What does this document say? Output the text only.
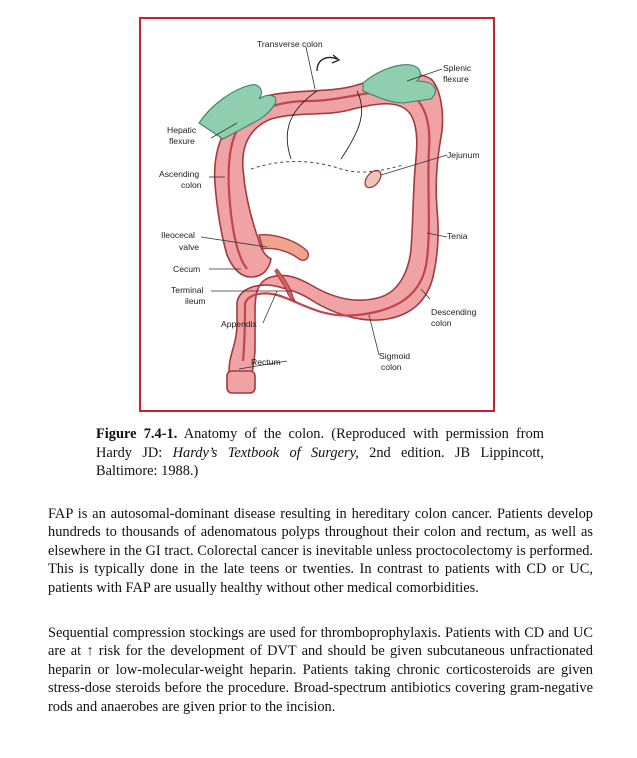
Transverse colon
Splenic
flexure
Hepatic
flexure
Jejunum
Ascending
colon
Ileocecal
valve
Tenia
Cecum
Terminal
ileum
Descending
colon
Appendix
Sigmoid
colon
Rectum
Figure 7.4-1. Anatomy of the colon. (Reproduced with permission from Hardy JD: Hardy’s Textbook of Surgery, 2nd edition. JB Lippincott, Baltimore: 1988.)
FAP is an autosomal-dominant disease resulting in hereditary colon cancer. Patients develop hundreds to thousands of adenomatous polyps throughout their colon and rectum, as well as elsewhere in the GI tract. Colorectal cancer is inevitable unless proctocolectomy is performed. This is typically done in the late teens or twenties. In contrast to patients with CD or UC, patients with FAP are usually healthy without other medical comorbidities.
Sequential compression stockings are used for thromboprophylaxis. Patients with CD and UC are at ↑ risk for the development of DVT and should be given subcutaneous unfractionated heparin or low-molecular-weight heparin. Patients taking chronic corticosteroids are given stress-dose steroids before the procedure. Broad-spectrum antibiotics covering gram-negative rods and anaerobes are given prior to the incision.
